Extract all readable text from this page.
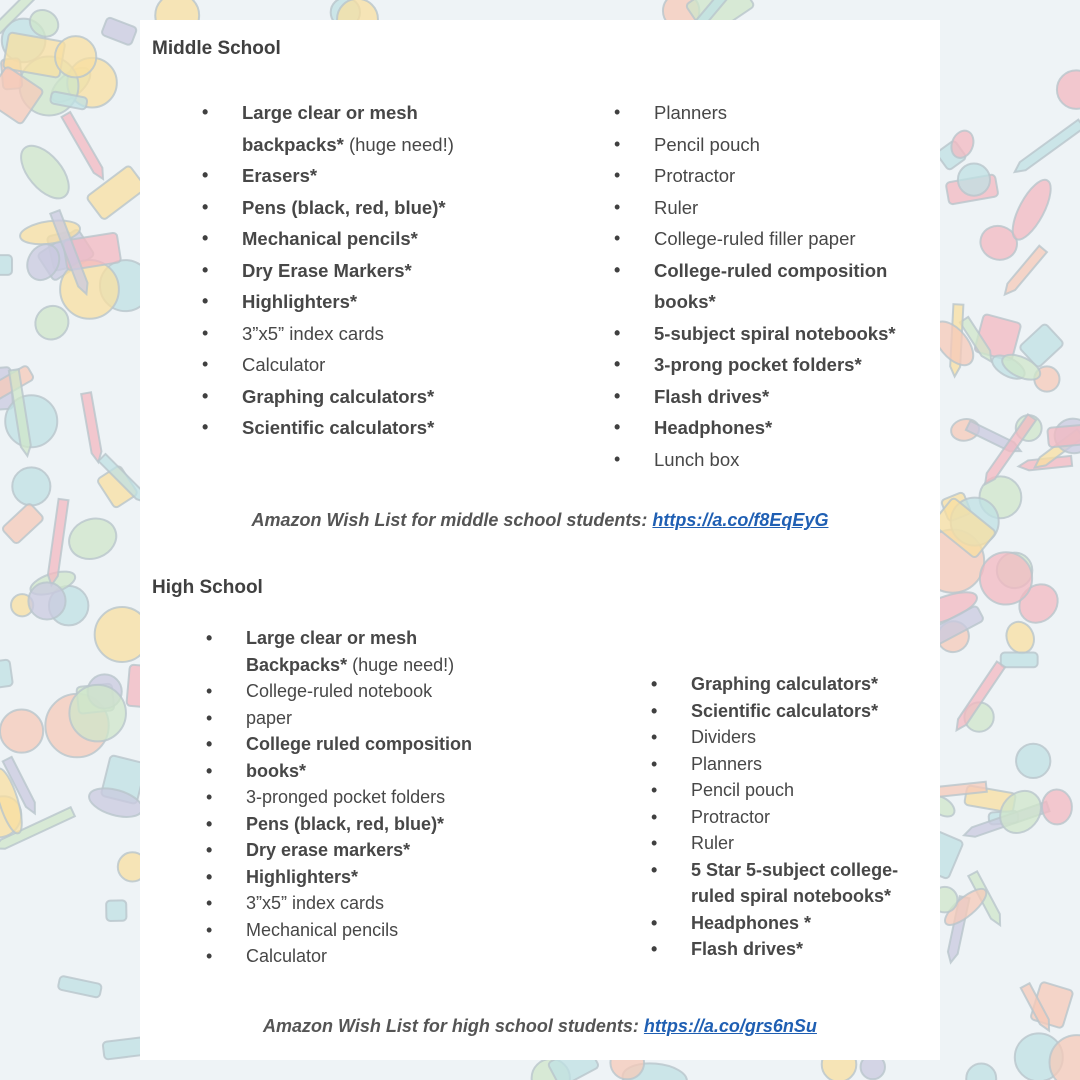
Middle School
• Large clear or mesh backpacks* (huge need!)
• Erasers*
• Pens (black, red, blue)*
• Mechanical pencils*
• Dry Erase Markers*
• Highlighters*
• 3”x5” index cards
• Calculator
• Graphing calculators*
• Scientific calculators*
• Planners
• Pencil pouch
• Protractor
• Ruler
• College-ruled filler paper
• College-ruled composition books*
• 5-subject spiral notebooks*
• 3-prong pocket folders*
• Flash drives*
• Headphones*
• Lunch box
Amazon Wish List for middle school students: https://a.co/f8EqEyG
High School
• Large clear or mesh Backpacks* (huge need!)
• College-ruled notebook
• paper
• College ruled composition
• books*
• 3-pronged pocket folders
• Pens (black, red, blue)*
• Dry erase markers*
• Highlighters*
• 3”x5” index cards
• Mechanical pencils
• Calculator
• Graphing calculators*
• Scientific calculators*
• Dividers
• Planners
• Pencil pouch
• Protractor
• Ruler
• 5 Star 5-subject college-ruled spiral notebooks*
• Headphones *
• Flash drives*
Amazon Wish List for high school students: https://a.co/grs6nSu
